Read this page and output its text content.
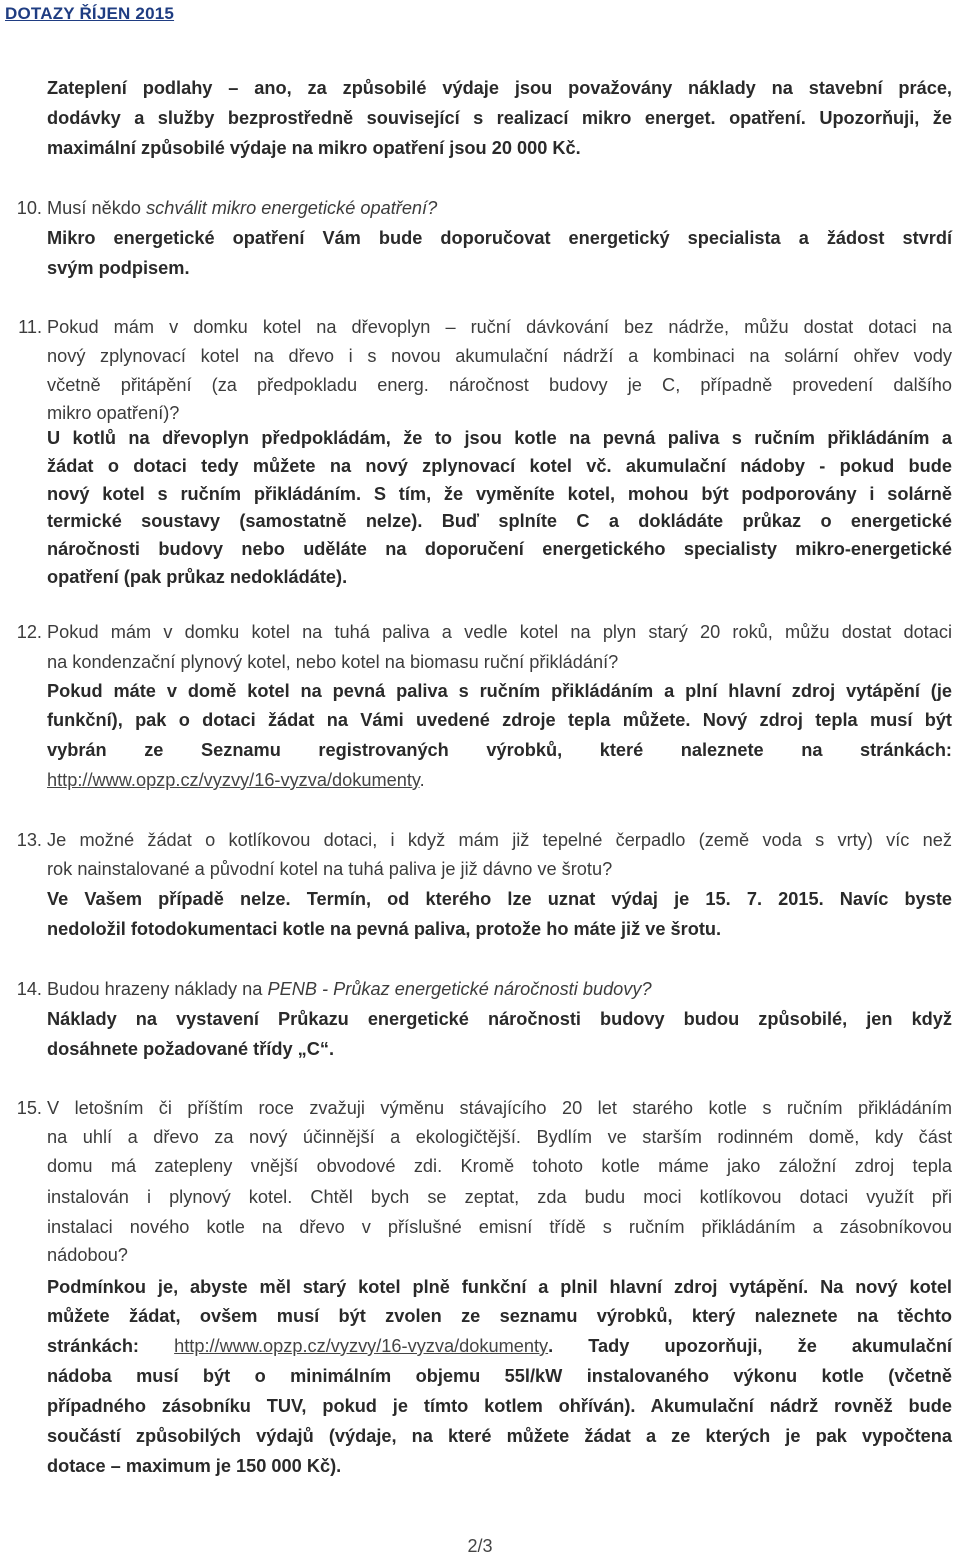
DOTAZY ŘÍJEN 2015
Zateplení podlahy – ano, za způsobilé výdaje jsou považovány náklady na stavební práce,
dodávky a služby bezprostředně související s realizací mikro energet. opatření. Upozorňuji, že
maximální způsobilé výdaje na mikro opatření jsou 20 000 Kč.
10. Musí někdo schválit mikro energetické opatření?
Mikro energetické opatření Vám bude doporučovat energetický specialista a žádost stvrdí
svým podpisem.
11. Pokud mám v domku kotel na dřevoplyn – ruční dávkování bez nádrže, můžu dostat dotaci na
nový zplynovací kotel na dřevo i s novou akumulační nádrží a kombinaci na solární ohřev vody
včetně přitápění (za předpokladu energ. náročnost budovy je C, případně provedení dalšího
mikro opatření)?
U kotlů na dřevoplyn předpokládám, že to jsou kotle na pevná paliva s ručním přikládáním a
žádat o dotaci tedy můžete na nový zplynovací kotel vč. akumulační nádoby - pokud bude
nový kotel s ručním přikládáním. S tím, že vyměníte kotel, mohou být podporovány i solárně
termické soustavy (samostatně nelze). Buď splníte C a dokládáte průkaz o energetické
náročnosti budovy nebo uděláte na doporučení energetického specialisty mikro-energetické
opatření (pak průkaz nedokládáte).
12. Pokud mám v domku kotel na tuhá paliva a vedle kotel na plyn starý 20 roků, můžu dostat dotaci
na kondenzační plynový kotel, nebo kotel na biomasu ruční přikládání?
Pokud máte v domě kotel na pevná paliva s ručním přikládáním a plní hlavní zdroj vytápění (je
funkční), pak o dotaci žádat na Vámi uvedené zdroje tepla můžete. Nový zdroj tepla musí být
vybrán ze Seznamu registrovaných výrobků, které naleznete na stránkách:
http://www.opzp.cz/vyzvy/16-vyzva/dokumenty.
13. Je možné žádat o kotlíkovou dotaci, i když mám již tepelné čerpadlo (země voda s vrty) víc než
rok nainstalované a původní kotel na tuhá paliva je již dávno ve šrotu?
Ve Vašem případě nelze. Termín, od kterého lze uznat výdaj je 15. 7. 2015. Navíc byste
nedoložil fotodokumentaci kotle na pevná paliva, protože ho máte již ve šrotu.
14. Budou hrazeny náklady na PENB - Průkaz energetické náročnosti budovy?
Náklady na vystavení Průkazu energetické náročnosti budovy budou způsobilé, jen když
dosáhnete požadované třídy „C“.
15. V letošním či příštím roce zvažuji výměnu stávajícího 20 let starého kotle s ručním přikládáním
na uhlí a dřevo za nový účinnější a ekologičtější. Bydlím ve starším rodinném domě, kdy část
domu má zatepleny vnější obvodové zdi. Kromě tohoto kotle máme jako záložní zdroj tepla
instalován i plynový kotel. Chtěl bych se zeptat, zda budu moci kotlíkovou dotaci využít při
instalaci nového kotle na dřevo v příslušné emisní třídě s ručním přikládáním a zásobníkovou
nádobou?
Podmínkou je, abyste měl starý kotel plně funkční a plnil hlavní zdroj vytápění. Na nový kotel
můžete žádat, ovšem musí být zvolen ze seznamu výrobků, který naleznete na těchto
stránkách: http://www.opzp.cz/vyzvy/16-vyzva/dokumenty. Tady upozorňuji, že akumulační
nádoba musí být o minimálním objemu 55l/kW instalovaného výkonu kotle (včetně
případného zásobníku TUV, pokud je tímto kotlem ohříván). Akumulační nádrž rovněž bude
součástí způsobilých výdajů (výdaje, na které můžete žádat a ze kterých je pak vypočtena
dotace – maximum je 150 000 Kč).
2/3
